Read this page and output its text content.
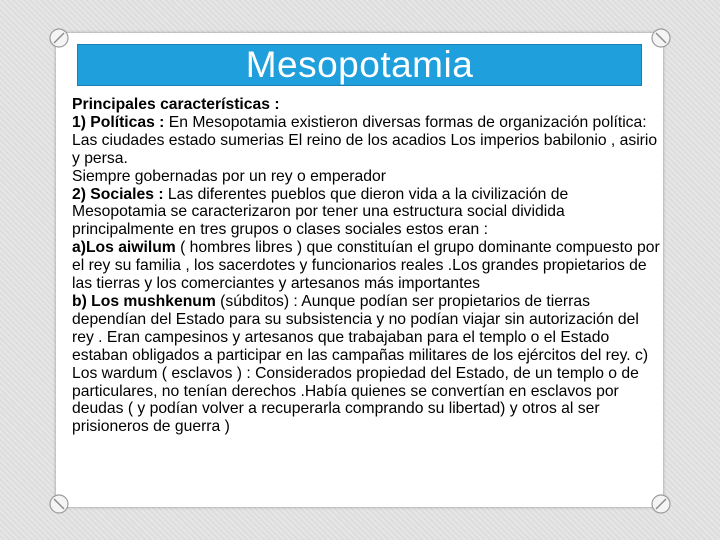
Mesopotamia

Principales características :

1) Políticas : En Mesopotamia existieron diversas formas de organización política: Las ciudades estado sumerias El reino de los acadios Los imperios babilonio , asirio y persa.

Siempre gobernadas por un rey o emperador

2) Sociales : Las diferentes pueblos que dieron vida a la civilización de Mesopotamia se caracterizaron por tener una estructura social dividida principalmente en tres grupos o clases sociales estos eran :

a)Los aiwilum ( hombres libres ) que constituían el grupo dominante compuesto por el rey su familia , los sacerdotes y funcionarios reales .Los grandes propietarios de las tierras y los comerciantes y artesanos más importantes

b) Los mushkenum (súbditos) : Aunque podían ser propietarios de tierras dependían del Estado para su subsistencia y no podían viajar sin autorización del rey . Eran campesinos y artesanos que trabajaban para el templo o el Estado estaban obligados a participar en las campañas militares de los ejércitos del rey. c) Los wardum ( esclavos ) : Considerados propiedad del Estado, de un templo o de particulares, no tenían derechos .Había quienes se convertían en esclavos por deudas ( y podían volver a recuperarla comprando su libertad) y otros al ser prisioneros de guerra )
